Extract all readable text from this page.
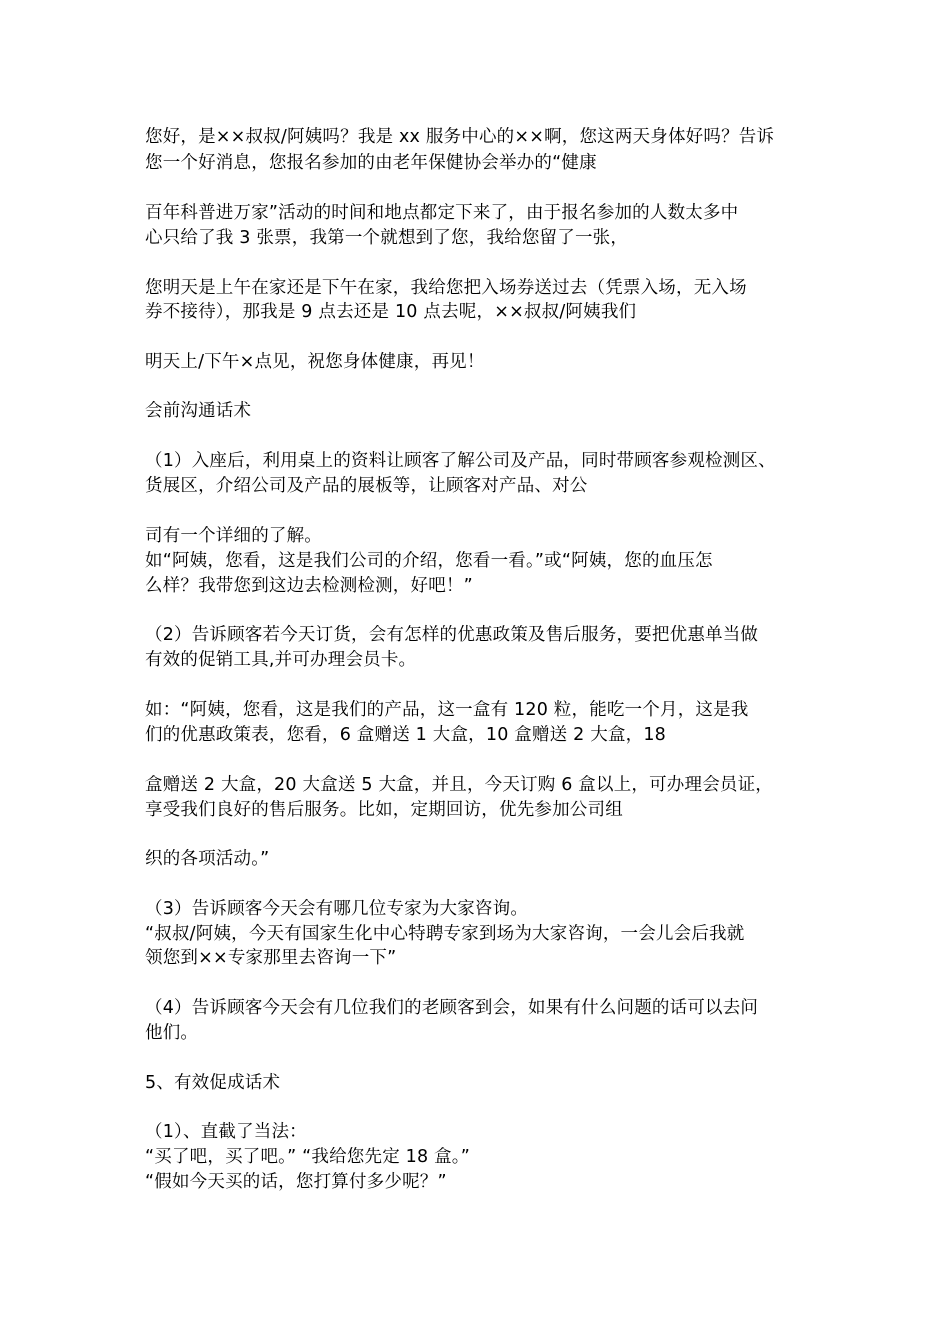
您好，是××叔叔/阿姨吗？我是 xx 服务中心的××啊，您这两天身体好吗？告诉
您一个好消息，您报名参加的由老年保健协会举办的“健康
百年科普进万家”活动的时间和地点都定下来了，由于报名参加的人数太多中
心只给了我 3 张票，我第一个就想到了您，我给您留了一张，
您明天是上午在家还是下午在家，我给您把入场券送过去（凭票入场，无入场
券不接待），那我是 9 点去还是 10 点去呢，××叔叔/阿姨我们
明天上/下午×点见，祝您身体健康，再见！
会前沟通话术
（1）入座后，利用桌上的资料让顾客了解公司及产品，同时带顾客参观检测区、
货展区，介绍公司及产品的展板等，让顾客对产品、对公
司有一个详细的了解。
如“阿姨，您看，这是我们公司的介绍，您看一看。”或“阿姨，您的血压怎
么样？我带您到这边去检测检测，好吧！”
（2）告诉顾客若今天订货，会有怎样的优惠政策及售后服务，要把优惠单当做
有效的促销工具,并可办理会员卡。
如：“阿姨，您看，这是我们的产品，这一盒有 120 粒，能吃一个月，这是我
们的优惠政策表，您看，6 盒赠送 1 大盒，10 盒赠送 2 大盒，18
盒赠送 2 大盒，20 大盒送 5 大盒，并且，今天订购 6 盒以上，可办理会员证，
享受我们良好的售后服务。比如，定期回访，优先参加公司组
织的各项活动。”
（3）告诉顾客今天会有哪几位专家为大家咨询。
“叔叔/阿姨，今天有国家生化中心特聘专家到场为大家咨询，一会儿会后我就
领您到××专家那里去咨询一下”
（4）告诉顾客今天会有几位我们的老顾客到会，如果有什么问题的话可以去问
他们。
5、有效促成话术
（1）、直截了当法：
“买了吧，买了吧。” “我给您先定 18 盒。”
“假如今天买的话，您打算付多少呢？”
